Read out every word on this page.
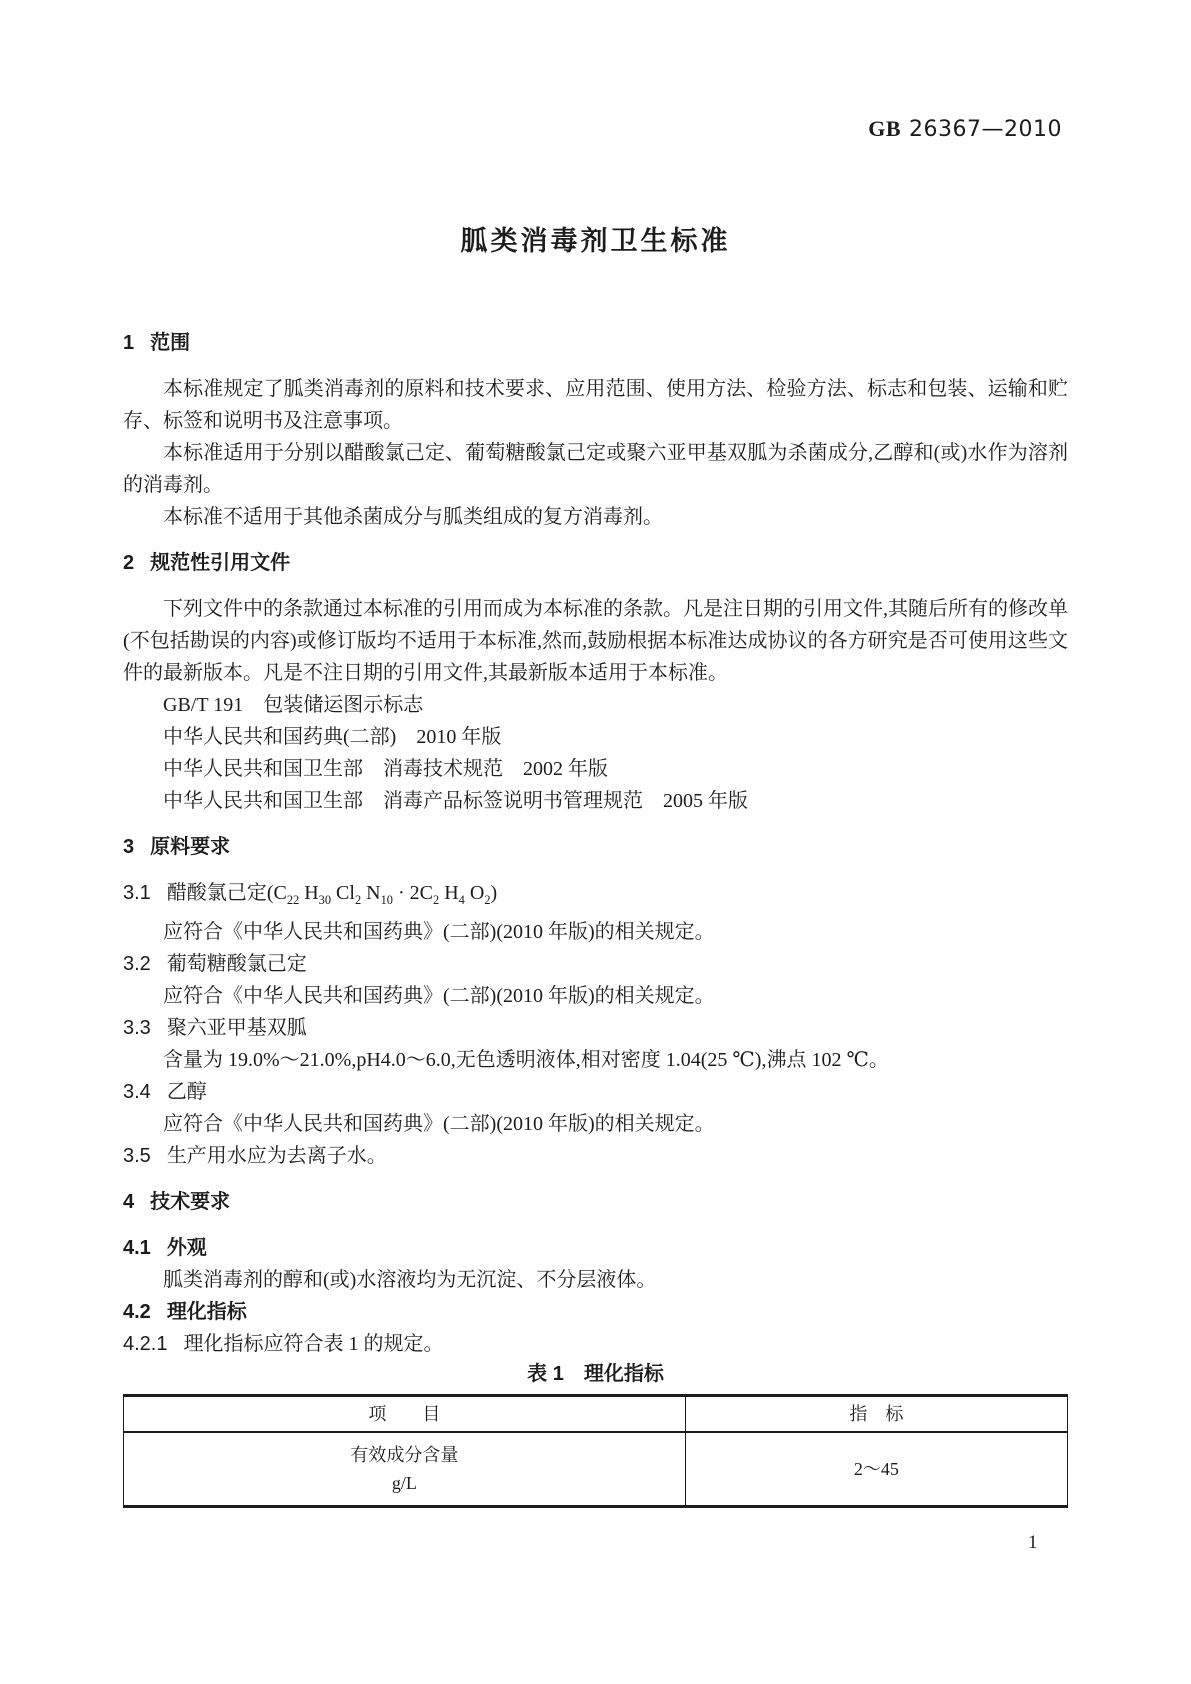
GB 26367—2010
胍类消毒剂卫生标准
1 范围

本标准规定了胍类消毒剂的原料和技术要求、应用范围、使用方法、检验方法、标志和包装、运输和贮存、标签和说明书及注意事项。

本标准适用于分别以醋酸氯己定、葡萄糖酸氯己定或聚六亚甲基双胍为杀菌成分,乙醇和(或)水作为溶剂的消毒剂。

本标准不适用于其他杀菌成分与胍类组成的复方消毒剂。

2 规范性引用文件

下列文件中的条款通过本标准的引用而成为本标准的条款。凡是注日期的引用文件,其随后所有的修改单(不包括勘误的内容)或修订版均不适用于本标准,然而,鼓励根据本标准达成协议的各方研究是否可使用这些文件的最新版本。凡是不注日期的引用文件,其最新版本适用于本标准。

GB/T 191　包装储运图示标志
中华人民共和国药典(二部)　2010 年版
中华人民共和国卫生部　消毒技术规范　2002 年版
中华人民共和国卫生部　消毒产品标签说明书管理规范　2005 年版
3 原料要求
3.1 醋酸氯己定($C_{22}$ $H_{30}$ $Cl_2$ $N_{10} \cdot 2C_2$ $H_4$ $O_2$)

应符合《中华人民共和国药典》(二部)(2010 年版)的相关规定。

3.2 葡萄糖酸氯己定

应符合《中华人民共和国药典》(二部)(2010 年版)的相关规定。

3.3 聚六亚甲基双胍

含量为 19.0%～21.0%,pH4.0～6.0,无色透明液体,相对密度 1.04(25 ℃),沸点 102 ℃。

3.4 乙醇

应符合《中华人民共和国药典》(二部)(2010 年版)的相关规定。

3.5 生产用水应为去离子水。

4 技术要求
4.1 外观

胍类消毒剂的醇和(或)水溶液均为无沉淀、不分层液体。

4.2 理化指标

4.2.1 理化指标应符合表 1 的规定。

表 1　理化指标
项　　目	指　标

有效成分含量
g/L	2～45
1
